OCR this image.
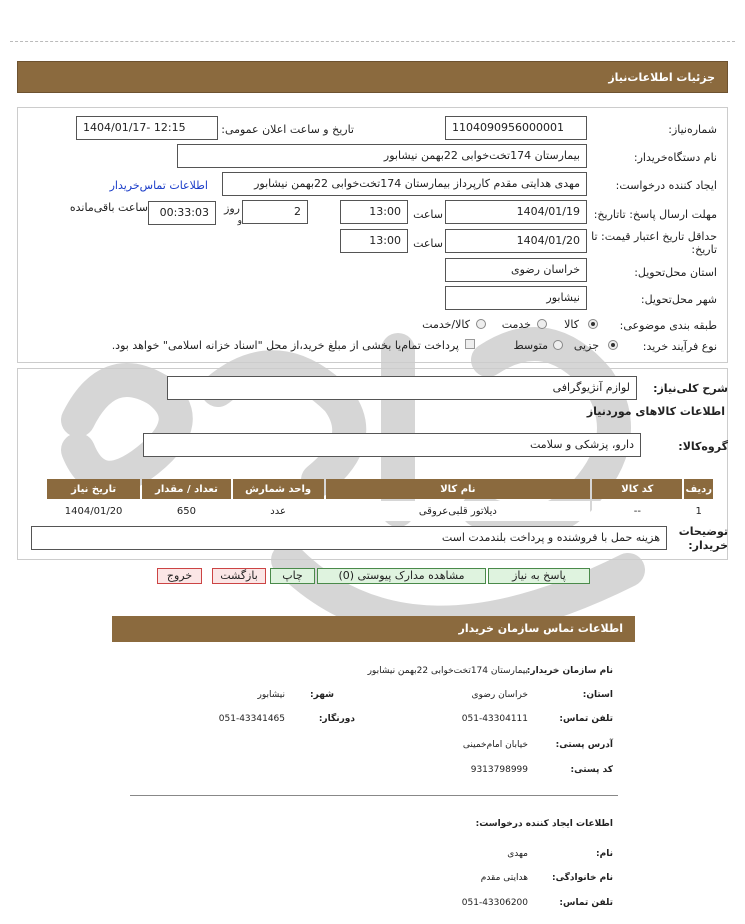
جزئیات اطلاعات‌نیاز
شماره‌نیاز:
1104090956000001
تاریخ و ساعت اعلان عمومی:
1404/01/17- 12:15
نام دستگاه‌خریدار:
بیمارستان 174تخت‌خوابی 22بهمن نیشابور
ایجاد کننده درخواست:
مهدی هدایتی مقدم کارپرداز بیمارستان 174تخت‌خوابی 22بهمن نیشابور
اطلاعات تماس‌خریدار
مهلت ارسال پاسخ: تاتاریخ:
1404/01/19
ساعت
13:00
2
روز
و
00:33:03
ساعت باقی‌مانده
حداقل تاریخ اعتبار قیمت: تا تاریخ:
1404/01/20
ساعت
13:00
استان محل‌تحویل:
خراسان رضوی
شهر محل‌تحویل:
نیشابور
طبقه بندی موضوعی:
کالا
خدمت
کالا/خدمت
نوع فرآیند خرید:
جزیی
متوسط
پرداخت تمام‌یا بخشی از مبلغ خرید،از محل "اسناد خزانه اسلامی" خواهد بود.
شرح کلی‌نیاز:
لوازم آنژیوگرافی
اطلاعات کالاهای موردنیاز
گروه‌کالا:
دارو، پزشکی و سلامت
ردیف	کد کالا	نام کالا	واحد شمارش	تعداد / مقدار	تاریخ نیاز
1	--	دیلاتور قلبی‌عروقی	عدد	650	1404/01/20
توضیحات خریدار:
هزینه حمل با فروشنده و پرداخت بلندمدت است
پاسخ به نیاز
مشاهده مدارک پیوستی (0)
چاپ
بازگشت
خروج
اطلاعات تماس سازمان خریدار
نام سازمان خریدار:
بیمارستان 174تخت‌خوابی 22بهمن نیشابور
استان:
خراسان رضوی
شهر:
نیشابور
تلفن تماس:
051-43304111
دورنگار:
051-43341465
آدرس پستی:
خیابان امام‌خمینی
کد پستی:
9313798999
اطلاعات ایجاد کننده درخواست:
نام:
مهدی
نام خانوادگی:
هدایتی مقدم
تلفن تماس:
051-43306200
